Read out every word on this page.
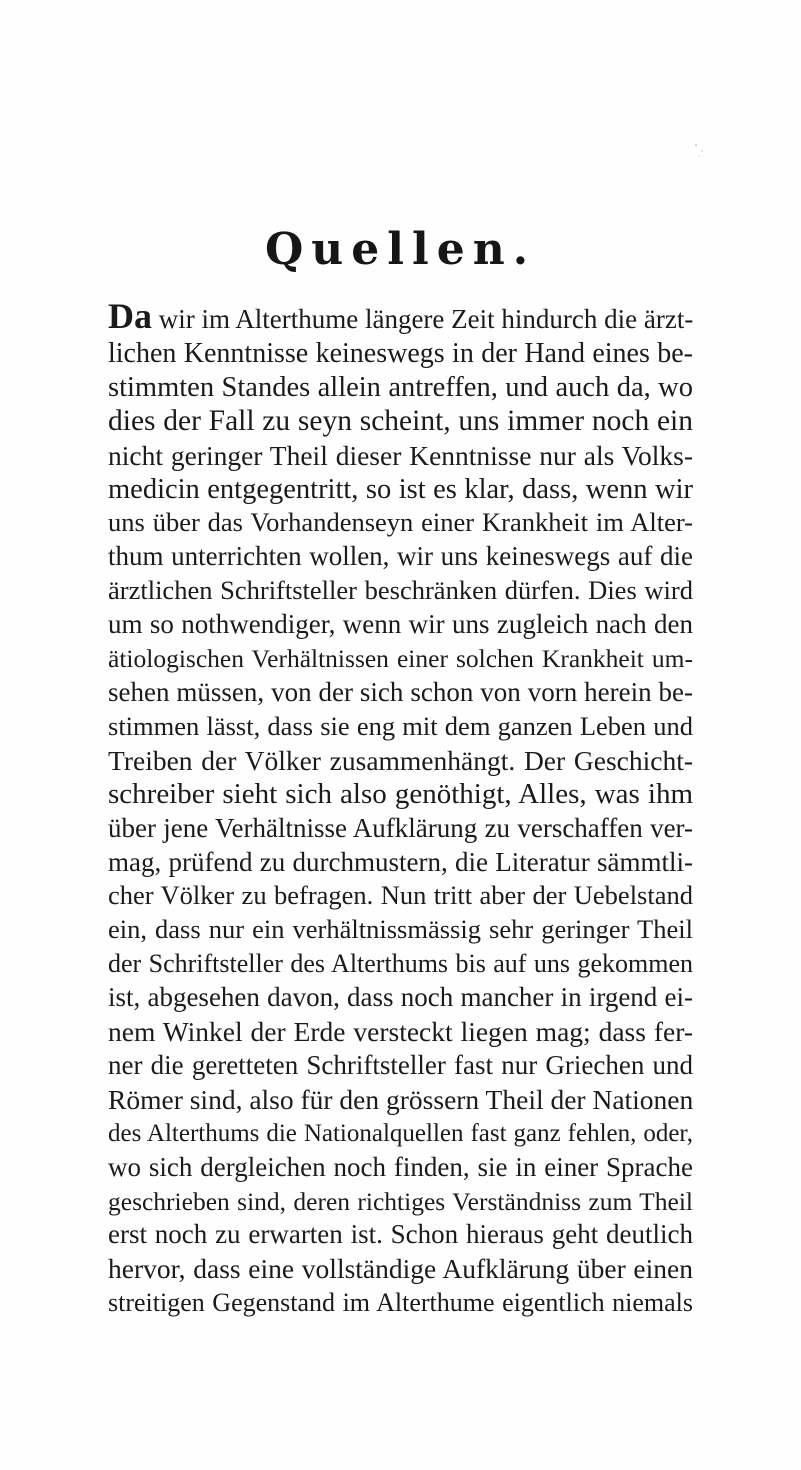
Quellen.
Da wir im Alterthume längere Zeit hindurch die ärzt-
lichen Kenntnisse keineswegs in der Hand eines be-
stimmten Standes allein antreffen, und auch da, wo
dies der Fall zu seyn scheint, uns immer noch ein
nicht geringer Theil dieser Kenntnisse nur als Volks-
medicin entgegentritt, so ist es klar, dass, wenn wir
uns über das Vorhandenseyn einer Krankheit im Alter-
thum unterrichten wollen, wir uns keineswegs auf die
ärztlichen Schriftsteller beschränken dürfen. Dies wird
um so nothwendiger, wenn wir uns zugleich nach den
ätiologischen Verhältnissen einer solchen Krankheit um-
sehen müssen, von der sich schon von vorn herein be-
stimmen lässt, dass sie eng mit dem ganzen Leben und
Treiben der Völker zusammenhängt. Der Geschicht-
schreiber sieht sich also genöthigt, Alles, was ihm
über jene Verhältnisse Aufklärung zu verschaffen ver-
mag, prüfend zu durchmustern, die Literatur sämmtli-
cher Völker zu befragen. Nun tritt aber der Uebelstand
ein, dass nur ein verhältnissmässig sehr geringer Theil
der Schriftsteller des Alterthums bis auf uns gekommen
ist, abgesehen davon, dass noch mancher in irgend ei-
nem Winkel der Erde versteckt liegen mag; dass fer-
ner die geretteten Schriftsteller fast nur Griechen und
Römer sind, also für den grössern Theil der Nationen
des Alterthums die Nationalquellen fast ganz fehlen, oder,
wo sich dergleichen noch finden, sie in einer Sprache
geschrieben sind, deren richtiges Verständniss zum Theil
erst noch zu erwarten ist. Schon hieraus geht deutlich
hervor, dass eine vollständige Aufklärung über einen
streitigen Gegenstand im Alterthume eigentlich niemals
